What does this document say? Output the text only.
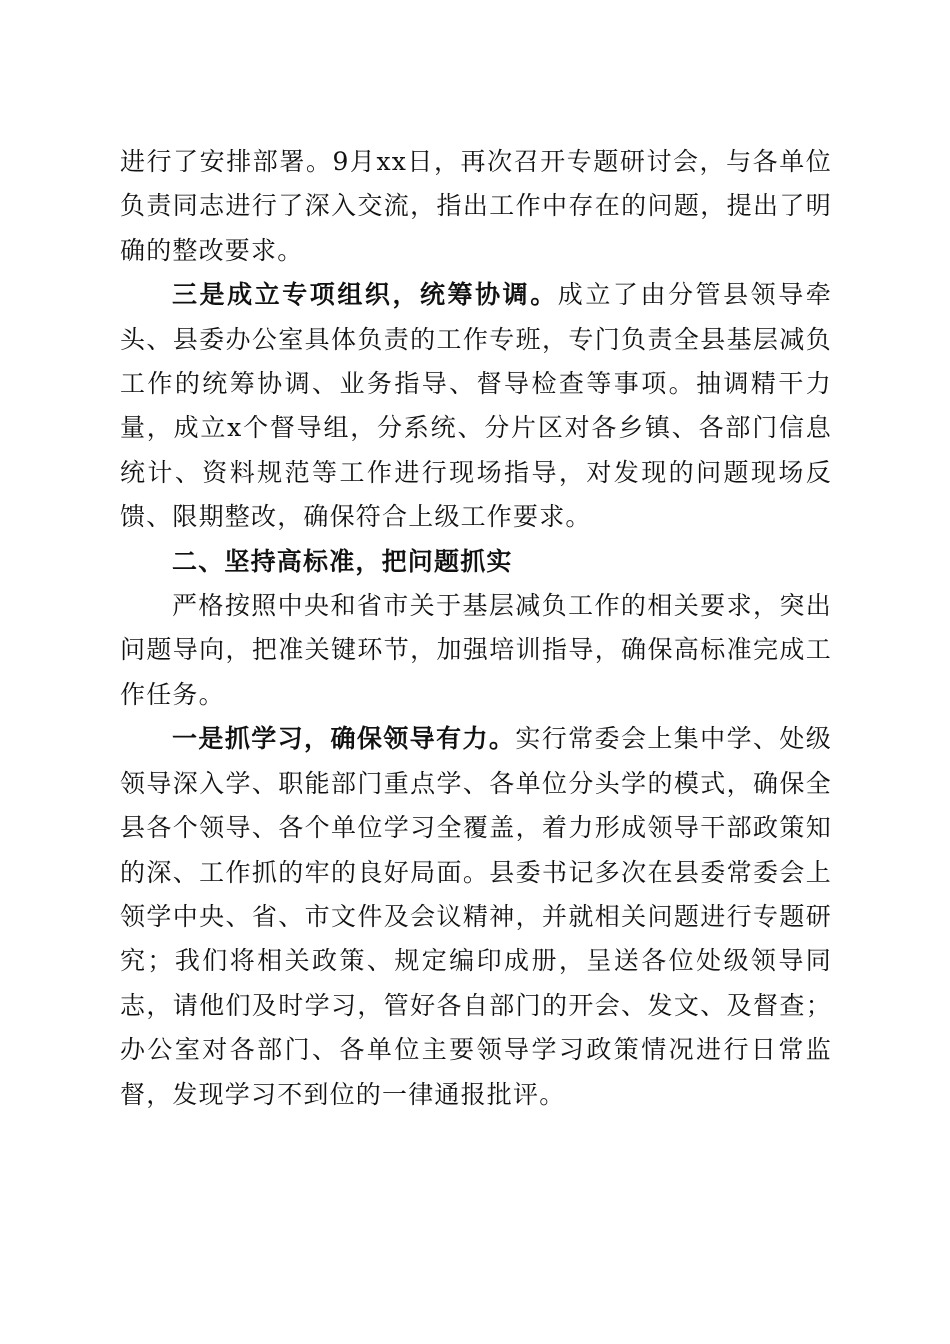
进行了安排部署。9月xx日，再次召开专题研讨会，与各单位负责同志进行了深入交流，指出工作中存在的问题，提出了明确的整改要求。

三是成立专项组织，统筹协调。成立了由分管县领导牵头、县委办公室具体负责的工作专班，专门负责全县基层减负工作的统筹协调、业务指导、督导检查等事项。抽调精干力量，成立x个督导组，分系统、分片区对各乡镇、各部门信息统计、资料规范等工作进行现场指导，对发现的问题现场反馈、限期整改，确保符合上级工作要求。

二、坚持高标准，把问题抓实

严格按照中央和省市关于基层减负工作的相关要求，突出问题导向，把准关键环节，加强培训指导，确保高标准完成工作任务。

一是抓学习，确保领导有力。实行常委会上集中学、处级领导深入学、职能部门重点学、各单位分头学的模式，确保全县各个领导、各个单位学习全覆盖，着力形成领导干部政策知的深、工作抓的牢的良好局面。县委书记多次在县委常委会上领学中央、省、市文件及会议精神，并就相关问题进行专题研究；我们将相关政策、规定编印成册，呈送各位处级领导同志，请他们及时学习，管好各自部门的开会、发文、及督查；办公室对各部门、各单位主要领导学习政策情况进行日常监督，发现学习不到位的一律通报批评。
